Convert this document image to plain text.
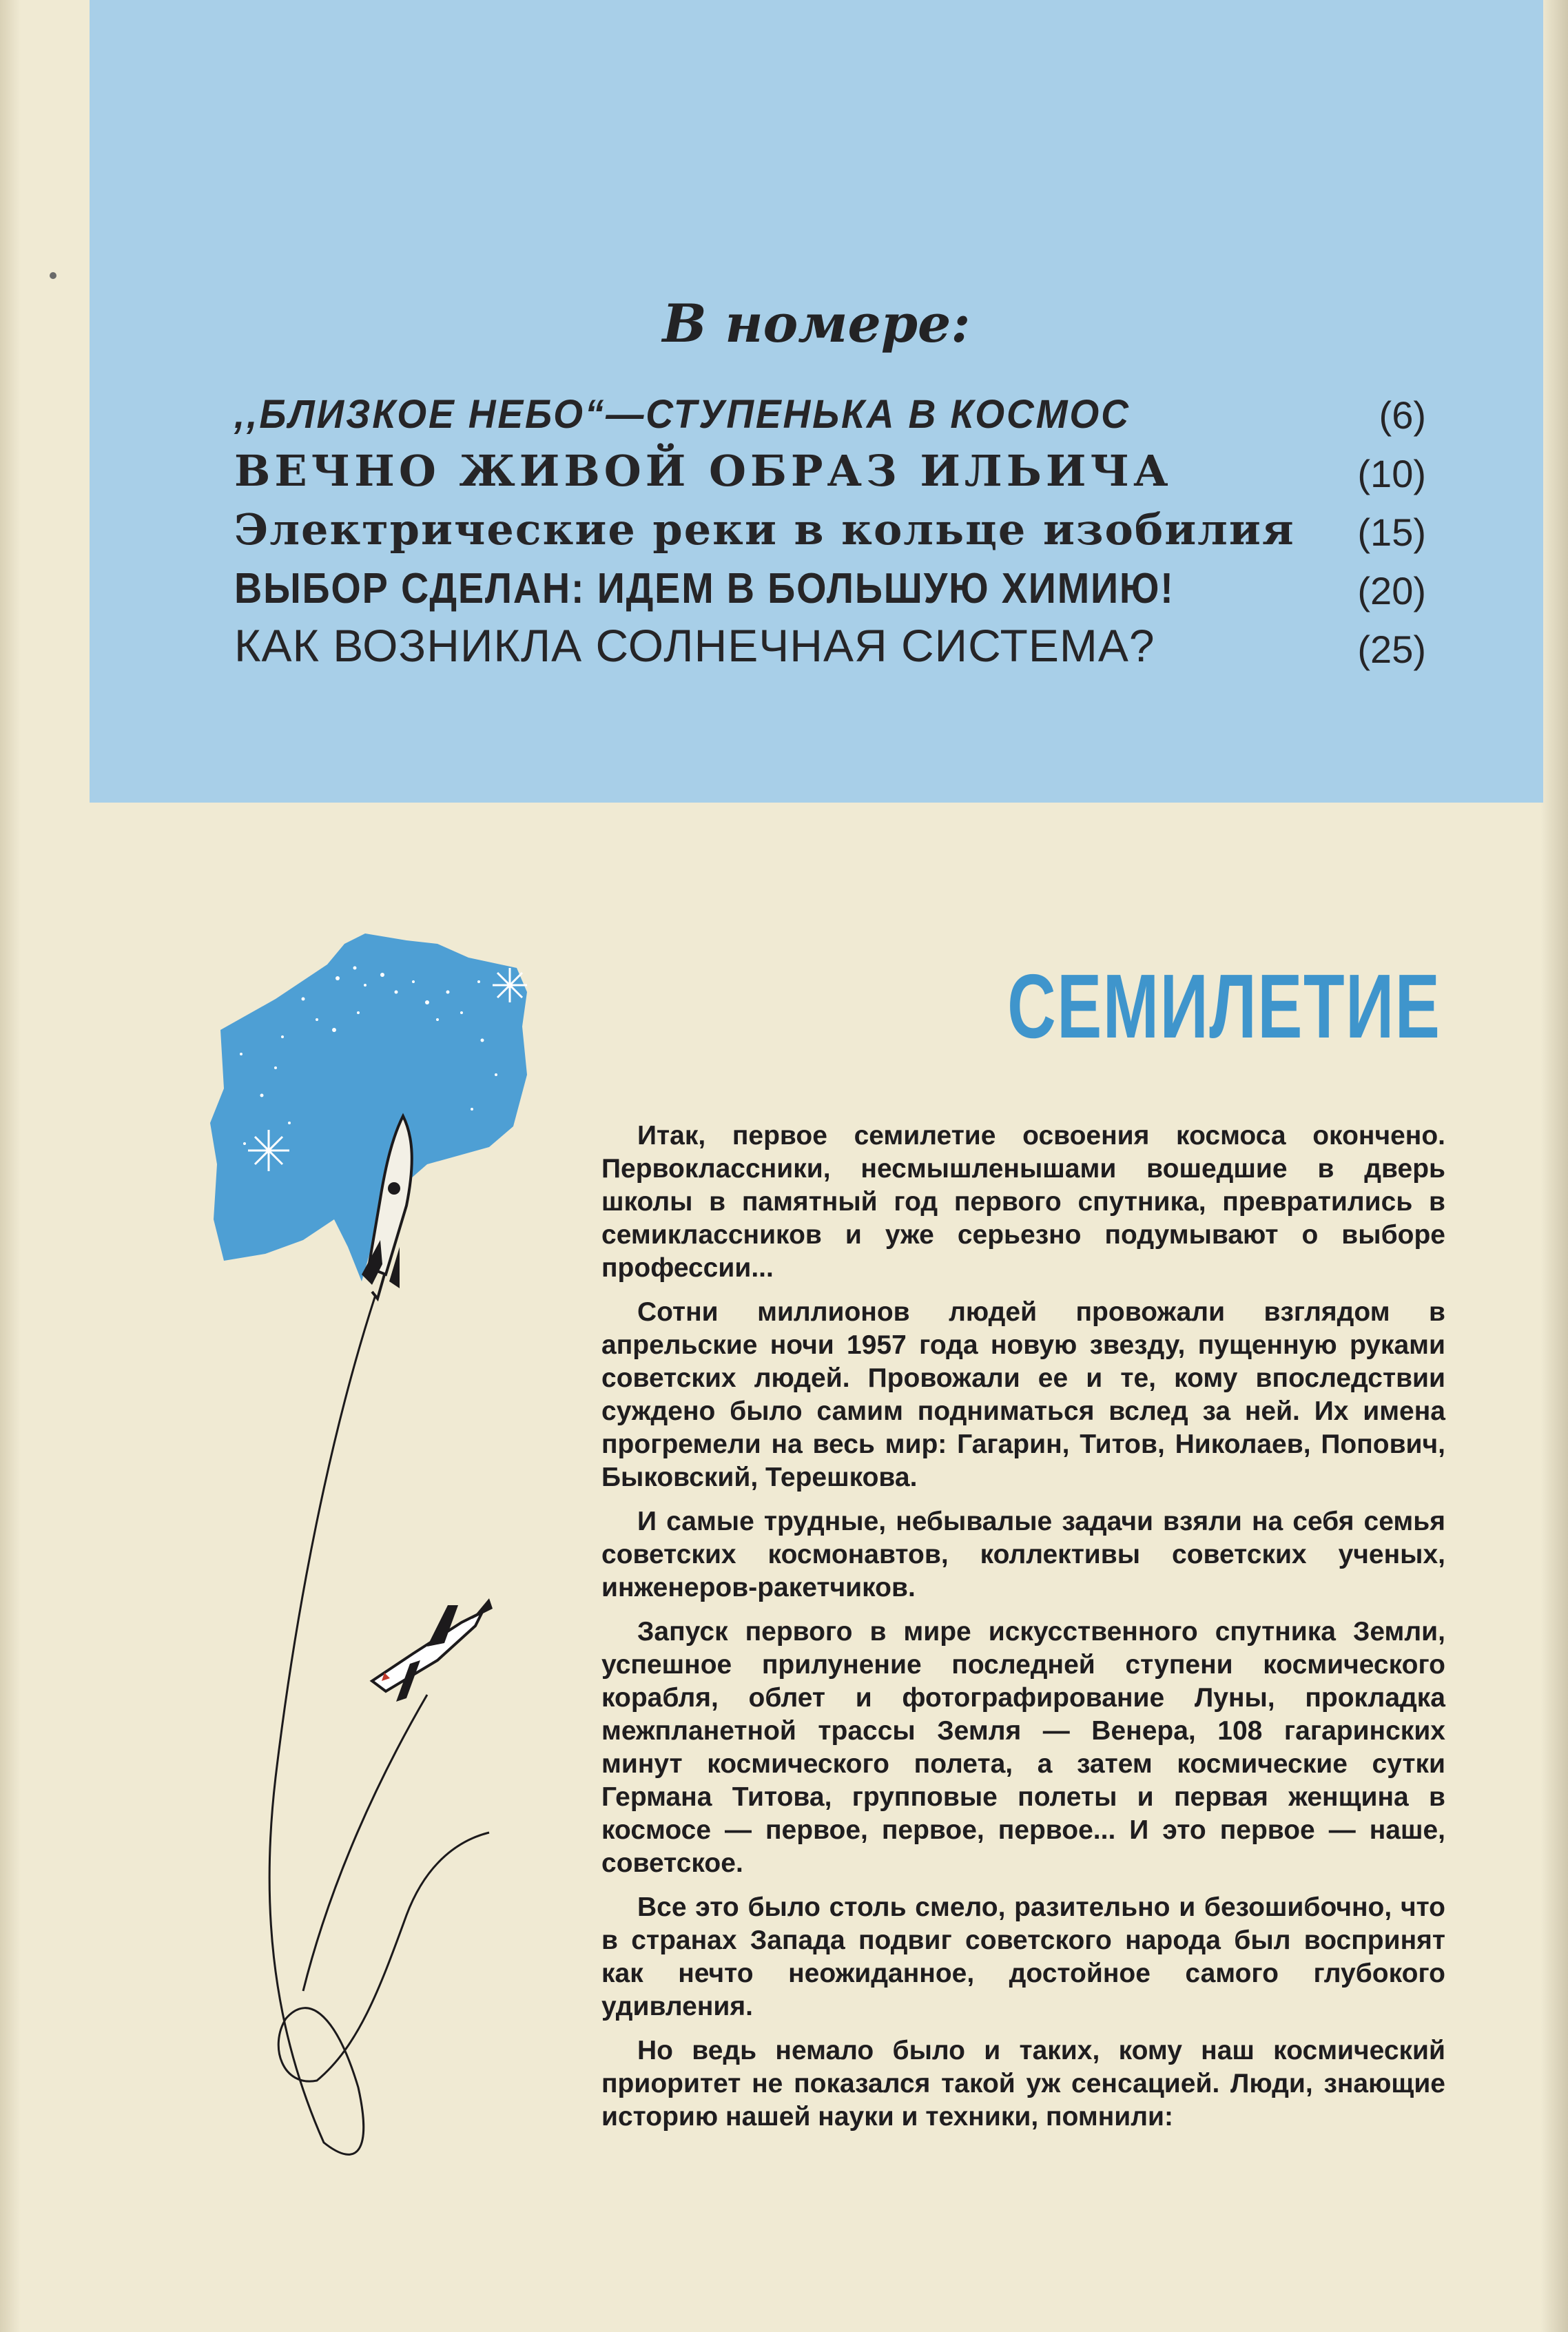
В номере:
,,БЛИЗКОЕ НЕБО“—СТУПЕНЬКА В КОСМОС	(6)
ВЕЧНО ЖИВОЙ ОБРАЗ ИЛЬИЧА	(10)
Электрические реки в кольце изобилия (15)
ВЫБОР СДЕЛАН: ИДЕМ В БОЛЬШУЮ ХИМИЮ!	(20)
КАК ВОЗНИКЛА СОЛНЕЧНАЯ СИСТЕМА?	(25)
СЕМИЛЕТИЕ

Итак, первое семилетие освоения космоса окончено. Первоклассники, несмышленышами вошедшие в дверь школы в памятный год первого спутника, превратились в семиклассников и уже серьезно подумывают о выборе профессии...

Сотни миллионов людей провожали взглядом в апрельские ночи 1957 года новую звезду, пущенную руками советских людей. Провожали ее и те, кому впоследствии суждено было самим подниматься вслед за ней. Их имена прогремели на весь мир: Гагарин, Титов, Николаев, Попович, Быковский, Терешкова.

И самые трудные, небывалые задачи взяли на себя семья советских космонавтов, коллективы советских ученых, инженеров-ракетчиков.

Запуск первого в мире искусственного спутника Земли, успешное прилунение последней ступени космического корабля, облет и фотографирование Луны, прокладка межпланетной трассы Земля — Венера, 108 гагаринских минут космического полета, а затем космические сутки Германа Титова, групповые полеты и первая женщина в космосе — первое, первое, первое... И это первое — наше, советское.

Все это было столь смело, разительно и безошибочно, что в странах Запада подвиг советского народа был воспринят как нечто неожиданное, достойное самого глубокого удивления.

Но ведь немало было и таких, кому наш космический приоритет не показался такой уж сенсацией. Люди, знающие историю нашей науки и техники, помнили:
